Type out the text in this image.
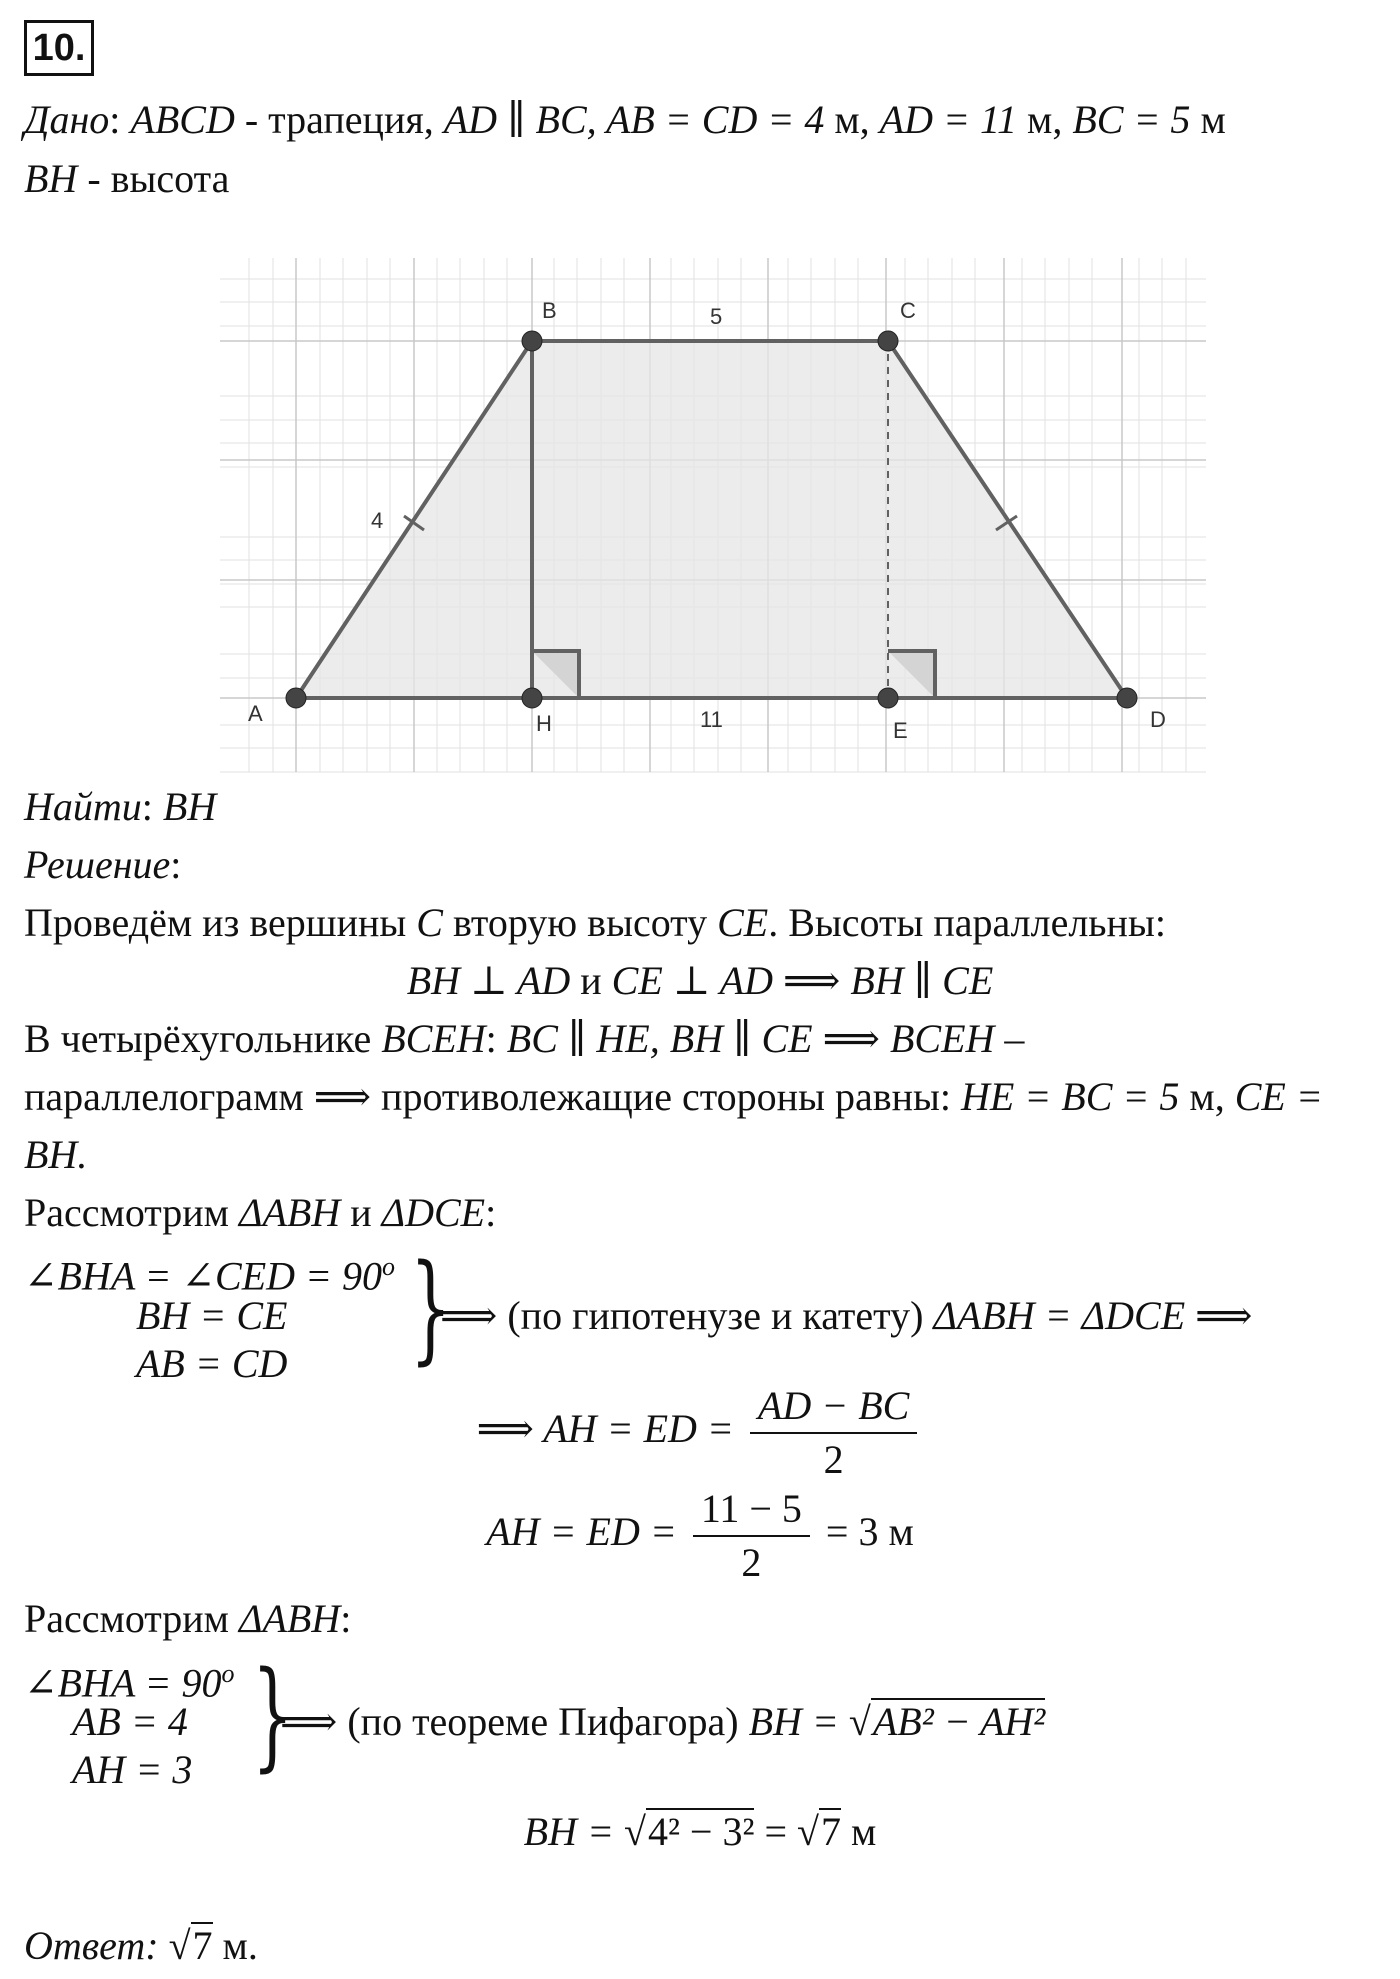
10.
Дано: ABCD - трапеция, AD ∥ BC, AB = CD = 4 м, AD = 11 м, BC = 5 м
BH - высота
A
B	C
D
H	E
5
11
4
Найти: BH
Решение:
Проведём из вершины C вторую высоту CE. Высоты параллельны:
BH ⊥ AD и CE ⊥ AD ⟹ BH ∥ CE
В четырёхугольнике BCEH: BC ∥ HE, BH ∥ CE ⟹ BCEH –
параллелограмм ⟹ противолежащие стороны равны: HE = BC = 5 м, CE =
BH.
Рассмотрим ΔABH и ΔDCE:
∠BHA = ∠CED = $90^o$
BH = CE
AB = CD }
⟹ (по гипотенузе и катету) ΔABH = ΔDCE ⟹
⟹ AH = ED = $\frac{AD - BC}{2}$
AH = ED = $\frac{11 - 5}{2} = 3$ м
Рассмотрим ΔABH:
∠BHA = $90^o$
AB = 4
AH = 3 }
⟹ (по теореме Пифагора) BH = √AB² − AH²
BH = √4² − 3² = √7 м
Ответ: √7 м.
